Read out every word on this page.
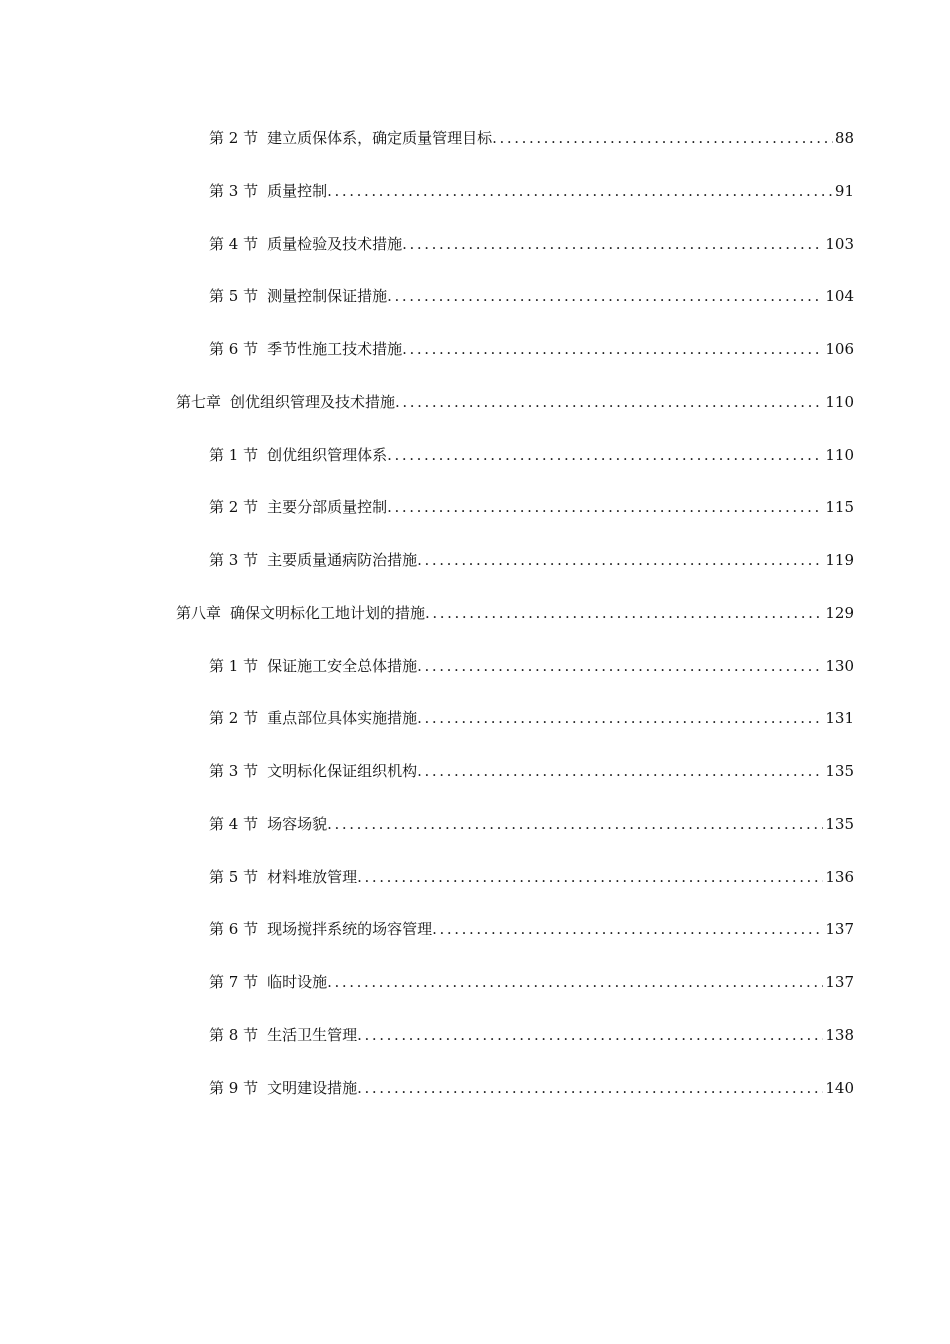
第 2 节 建立质保体系，确定质量管理目标 .....	88
第 3 节 质量控制 .....	91
第 4 节 质量检验及技术措施 .....	103
第 5 节 测量控制保证措施 .....	104
第 6 节 季节性施工技术措施 .....	106
第七章 创优组织管理及技术措施 .....	110
第 1 节 创优组织管理体系 .....	110
第 2 节 主要分部质量控制 .....	115
第 3 节 主要质量通病防治措施 .....	119
第八章 确保文明标化工地计划的措施 .....	129
第 1 节 保证施工安全总体措施 .....	130
第 2 节 重点部位具体实施措施 .....	131
第 3 节 文明标化保证组织机构 .....	135
第 4 节 场容场貌 .....	135
第 5 节 材料堆放管理 .....	136
第 6 节 现场搅拌系统的场容管理 .....	137
第 7 节 临时设施 .....	137
第 8 节 生活卫生管理 .....	138
第 9 节 文明建设措施 .....	140
